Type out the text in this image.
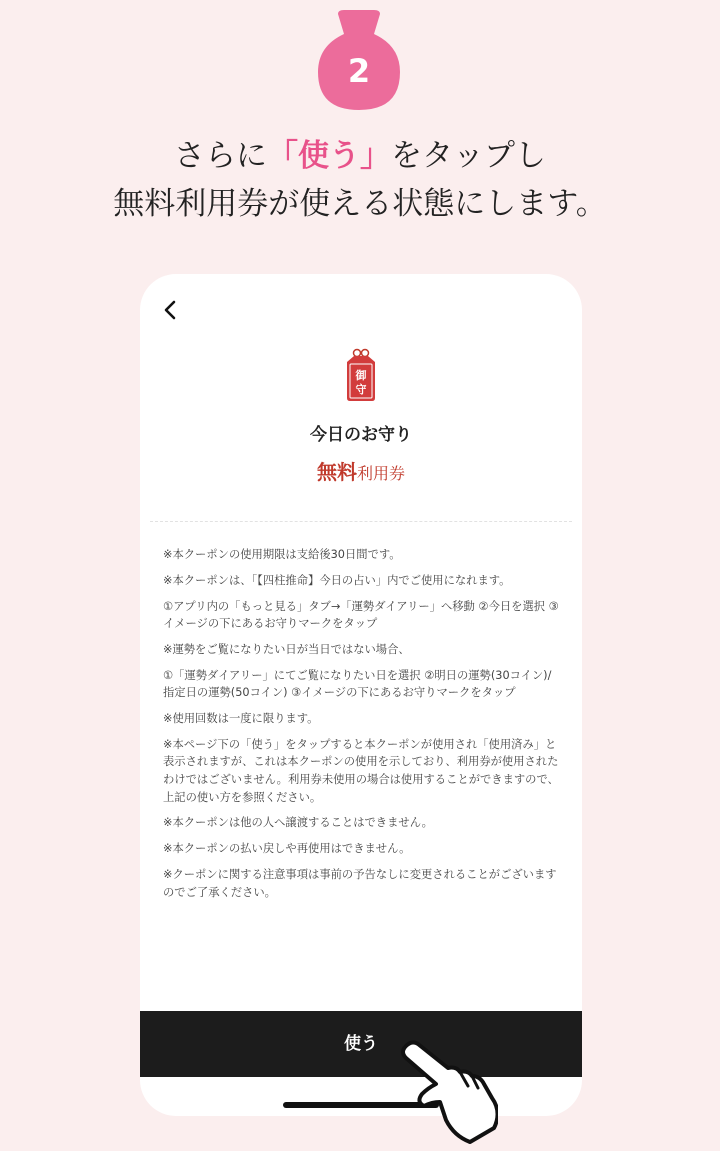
2
さらに「使う」をタップし
無料利用券が使える状態にします。
御
守
今日のお守り
無料利用券

※本クーポンの使用期限は支給後30日間です。

※本クーポンは、「【四柱推命】今日の占い」内でご使用になれます。

①アプリ内の「もっと見る」タブ→「運勢ダイアリー」へ移動 ②今日を選択 ③イメージの下にあるお守りマークをタップ

※運勢をご覧になりたい日が当日ではない場合、

①「運勢ダイアリー」にてご覧になりたい日を選択 ②明日の運勢(30コイン)/指定日の運勢(50コイン) ③イメージの下にあるお守りマークをタップ

※使用回数は一度に限ります。

※本ページ下の「使う」をタップすると本クーポンが使用され「使用済み」と表示されますが、これは本クーポンの使用を示しており、利用券が使用されたわけではございません。利用券未使用の場合は使用することができますので、上記の使い方を参照ください。

※本クーポンは他の人へ譲渡することはできません。

※本クーポンの払い戻しや再使用はできません。

※クーポンに関する注意事項は事前の予告なしに変更されることがございますのでご了承ください。

使う
